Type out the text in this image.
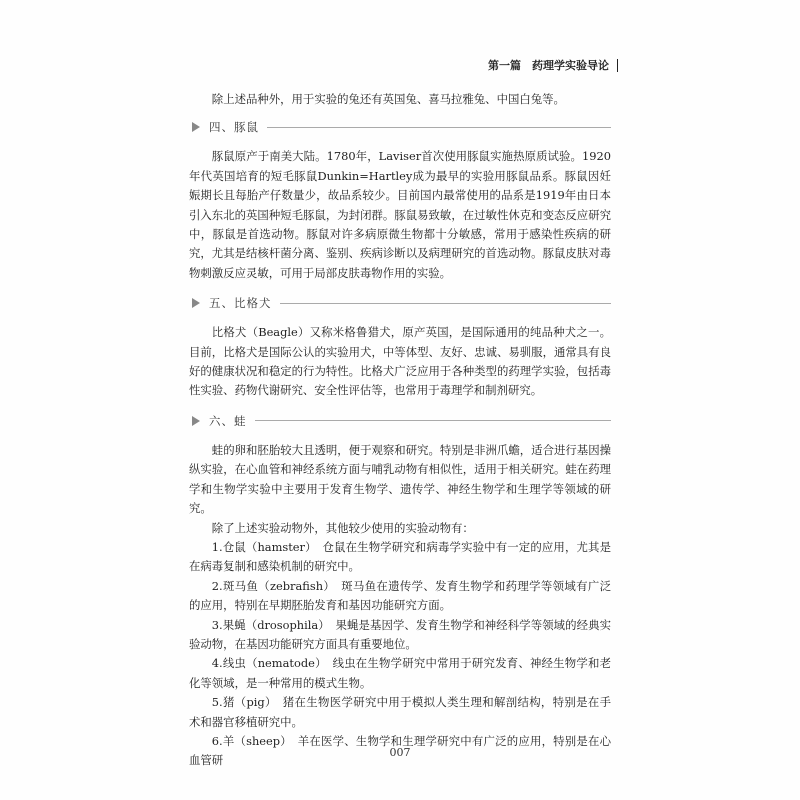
第一篇　药理学实验导论

除上述品种外，用于实验的兔还有英国兔、喜马拉雅兔、中国白兔等。

四、豚鼠

豚鼠原产于南美大陆。1780年，Laviser首次使用豚鼠实施热原质试验。1920年代英国培育的短毛豚鼠Dunkin=Hartley成为最早的实验用豚鼠品系。豚鼠因妊娠期长且每胎产仔数量少，故品系较少。目前国内最常使用的品系是1919年由日本引入东北的英国种短毛豚鼠，为封闭群。豚鼠易致敏，在过敏性休克和变态反应研究中，豚鼠是首选动物。豚鼠对许多病原微生物都十分敏感，常用于感染性疾病的研究，尤其是结核杆菌分离、鉴别、疾病诊断以及病理研究的首选动物。豚鼠皮肤对毒物刺激反应灵敏，可用于局部皮肤毒物作用的实验。

五、比格犬

比格犬（Beagle）又称米格鲁猎犬，原产英国，是国际通用的纯品种犬之一。目前，比格犬是国际公认的实验用犬，中等体型、友好、忠诚、易驯服，通常具有良好的健康状况和稳定的行为特性。比格犬广泛应用于各种类型的药理学实验，包括毒性实验、药物代谢研究、安全性评估等，也常用于毒理学和制剂研究。

六、蛙

蛙的卵和胚胎较大且透明，便于观察和研究。特别是非洲爪蟾，适合进行基因操纵实验，在心血管和神经系统方面与哺乳动物有相似性，适用于相关研究。蛙在药理学和生物学实验中主要用于发育生物学、遗传学、神经生物学和生理学等领域的研究。

除了上述实验动物外，其他较少使用的实验动物有：

1.仓鼠（hamster）　仓鼠在生物学研究和病毒学实验中有一定的应用，尤其是在病毒复制和感染机制的研究中。

2.斑马鱼（zebrafish）　斑马鱼在遗传学、发育生物学和药理学等领域有广泛的应用，特别在早期胚胎发育和基因功能研究方面。

3.果蝇（drosophila）　果蝇是基因学、发育生物学和神经科学等领域的经典实验动物，在基因功能研究方面具有重要地位。

4.线虫（nematode）　线虫在生物学研究中常用于研究发育、神经生物学和老化等领域，是一种常用的模式生物。

5.猪（pig）　猪在生物医学研究中用于模拟人类生理和解剖结构，特别是在手术和器官移植研究中。

6.羊（sheep）　羊在医学、生物学和生理学研究中有广泛的应用，特别是在心血管研

007
